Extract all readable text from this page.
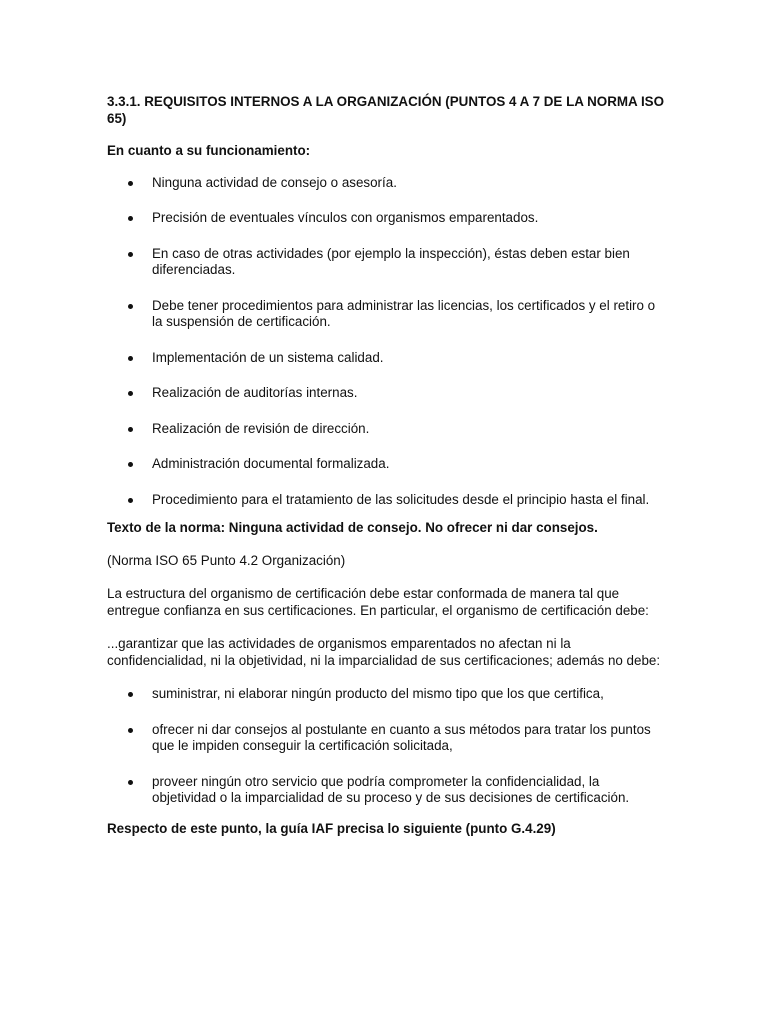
3.3.1. REQUISITOS INTERNOS A LA ORGANIZACIÓN (PUNTOS 4 A 7 DE LA NORMA ISO 65)

En cuanto a su funcionamiento:

Ninguna actividad de consejo o asesoría.
Precisión de eventuales vínculos con organismos emparentados.
En caso de otras actividades (por ejemplo la inspección), éstas deben estar bien diferenciadas.
Debe tener procedimientos para administrar las licencias, los certificados y el retiro o la suspensión de certificación.
Implementación de un sistema calidad.
Realización de auditorías internas.
Realización de revisión de dirección.
Administración documental formalizada.
Procedimiento para el tratamiento de las solicitudes desde el principio hasta el final.

Texto de la norma: Ninguna actividad de consejo. No ofrecer ni dar consejos.

(Norma ISO 65 Punto 4.2 Organización)

La estructura del organismo de certificación debe estar conformada de manera tal que entregue confianza en sus certificaciones. En particular, el organismo de certificación debe:

...garantizar que las actividades de organismos emparentados no afectan ni la confidencialidad, ni la objetividad, ni la imparcialidad de sus certificaciones; además no debe:

suministrar, ni elaborar ningún producto del mismo tipo que los que certifica,
ofrecer ni dar consejos al postulante en cuanto a sus métodos para tratar los puntos que le impiden conseguir la certificación solicitada,
proveer ningún otro servicio que podría comprometer la confidencialidad, la objetividad o la imparcialidad de su proceso y de sus decisiones de certificación.

Respecto de este punto, la guía IAF precisa lo siguiente (punto G.4.29)
